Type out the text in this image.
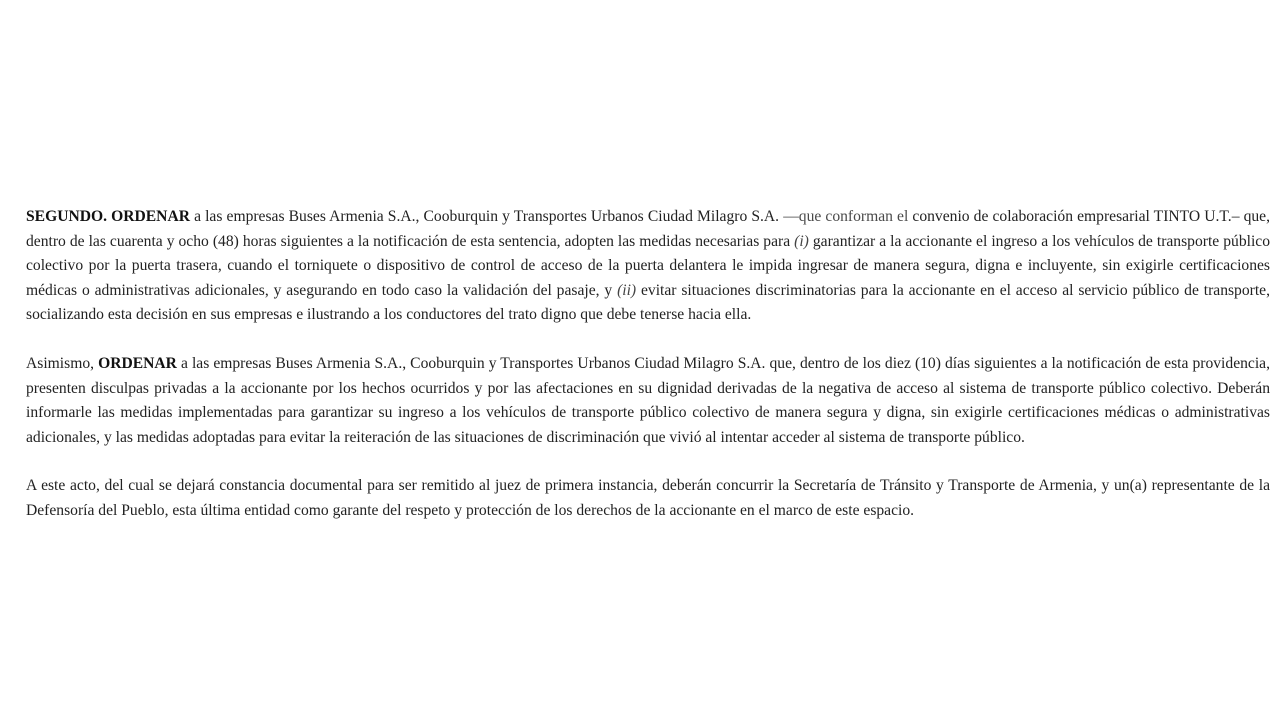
SEGUNDO. ORDENAR a las empresas Buses Armenia S.A., Cooburquin y Transportes Urbanos Ciudad Milagro S.A. —que conforman el convenio de colaboración empresarial TINTO U.T.– que, dentro de las cuarenta y ocho (48) horas siguientes a la notificación de esta sentencia, adopten las medidas necesarias para (i) garantizar a la accionante el ingreso a los vehículos de transporte público colectivo por la puerta trasera, cuando el torniquete o dispositivo de control de acceso de la puerta delantera le impida ingresar de manera segura, digna e incluyente, sin exigirle certificaciones médicas o administrativas adicionales, y asegurando en todo caso la validación del pasaje, y (ii) evitar situaciones discriminatorias para la accionante en el acceso al servicio público de transporte, socializando esta decisión en sus empresas e ilustrando a los conductores del trato digno que debe tenerse hacia ella.

Asimismo, ORDENAR a las empresas Buses Armenia S.A., Cooburquin y Transportes Urbanos Ciudad Milagro S.A. que, dentro de los diez (10) días siguientes a la notificación de esta providencia, presenten disculpas privadas a la accionante por los hechos ocurridos y por las afectaciones en su dignidad derivadas de la negativa de acceso al sistema de transporte público colectivo. Deberán informarle las medidas implementadas para garantizar su ingreso a los vehículos de transporte público colectivo de manera segura y digna, sin exigirle certificaciones médicas o administrativas adicionales, y las medidas adoptadas para evitar la reiteración de las situaciones de discriminación que vivió al intentar acceder al sistema de transporte público.

A este acto, del cual se dejará constancia documental para ser remitido al juez de primera instancia, deberán concurrir la Secretaría de Tránsito y Transporte de Armenia, y un(a) representante de la Defensoría del Pueblo, esta última entidad como garante del respeto y protección de los derechos de la accionante en el marco de este espacio.
